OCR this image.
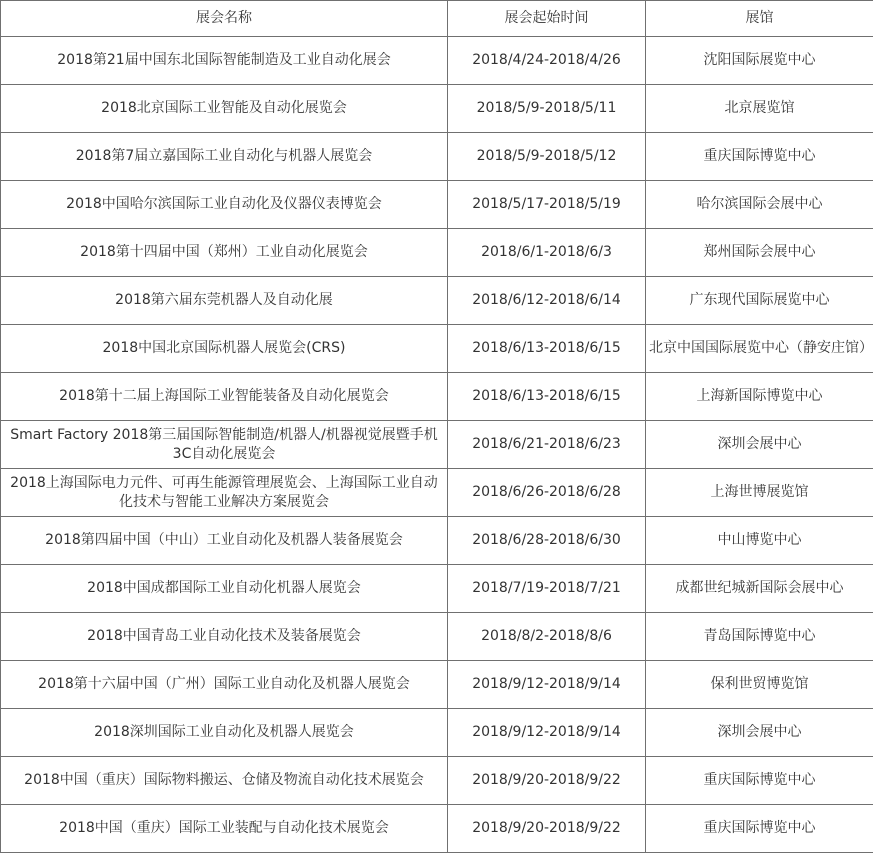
展会名称	展会起始时间	展馆
2018第21届中国东北国际智能制造及工业自动化展会	2018/4/24-2018/4/26	沈阳国际展览中心
2018北京国际工业智能及自动化展览会	2018/5/9-2018/5/11	北京展览馆
2018第7届立嘉国际工业自动化与机器人展览会	2018/5/9-2018/5/12	重庆国际博览中心
2018中国哈尔滨国际工业自动化及仪器仪表博览会	2018/5/17-2018/5/19	哈尔滨国际会展中心
2018第十四届中国（郑州）工业自动化展览会	2018/6/1-2018/6/3	郑州国际会展中心
2018第六届东莞机器人及自动化展	2018/6/12-2018/6/14	广东现代国际展览中心
2018中国北京国际机器人展览会(CRS)	2018/6/13-2018/6/15	北京中国国际展览中心（静安庄馆）
2018第十二届上海国际工业智能装备及自动化展览会	2018/6/13-2018/6/15	上海新国际博览中心
Smart Factory 2018第三届国际智能制造/机器人/机器视觉展暨手机3C自动化展览会	2018/6/21-2018/6/23	深圳会展中心
2018上海国际电力元件、可再生能源管理展览会、上海国际工业自动化技术与智能工业解决方案展览会	2018/6/26-2018/6/28	上海世博展览馆
2018第四届中国（中山）工业自动化及机器人装备展览会	2018/6/28-2018/6/30	中山博览中心
2018中国成都国际工业自动化机器人展览会	2018/7/19-2018/7/21	成都世纪城新国际会展中心
2018中国青岛工业自动化技术及装备展览会	2018/8/2-2018/8/6	青岛国际博览中心
2018第十六届中国（广州）国际工业自动化及机器人展览会	2018/9/12-2018/9/14	保利世贸博览馆
2018深圳国际工业自动化及机器人展览会	2018/9/12-2018/9/14	深圳会展中心
2018中国（重庆）国际物料搬运、仓储及物流自动化技术展览会	2018/9/20-2018/9/22	重庆国际博览中心
2018中国（重庆）国际工业装配与自动化技术展览会	2018/9/20-2018/9/22	重庆国际博览中心
